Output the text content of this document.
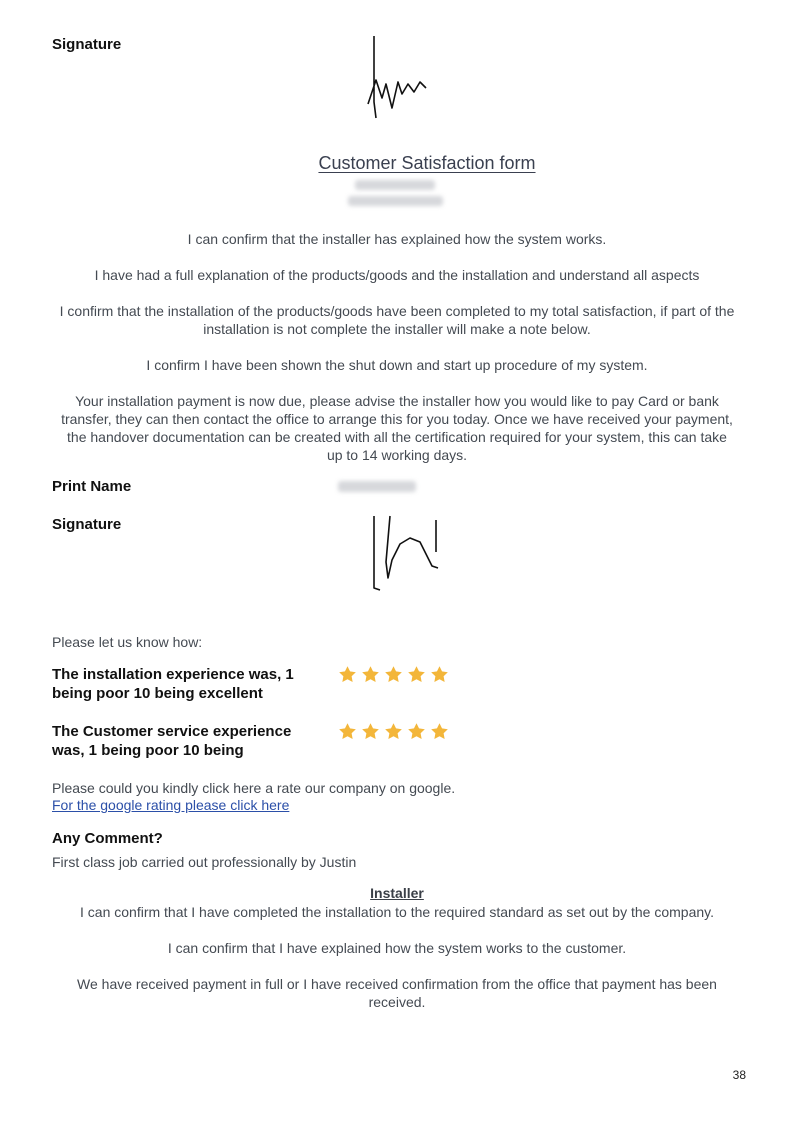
Signature
Customer Satisfaction form
I can confirm that the installer has explained how the system works.
I have had a full explanation of the products/goods and the installation and understand all aspects
I confirm that the installation of the products/goods have been completed to my total satisfaction, if part of the installation is not complete the installer will make a note below.
I confirm I have been shown the shut down and start up procedure of my system.
Your installation payment is now due, please advise the installer how you would like to pay Card or bank transfer, they can then contact the office to arrange this for you today. Once we have received your payment, the handover documentation can be created with all the certification required for your system, this can take up to 14 working days.
Print Name
Signature
Please let us know how:
The installation experience was, 1 being poor 10 being excellent
The Customer service experience was, 1 being poor 10 being
Please could you kindly click here a rate our company on google.
For the google rating please click here
Any Comment?
First class job carried out professionally by Justin
Installer
I can confirm that I have completed the installation to the required standard as set out by the company.
I can confirm that I have explained how the system works to the customer.
We have received payment in full or I have received confirmation from the office that payment has been received.
38
